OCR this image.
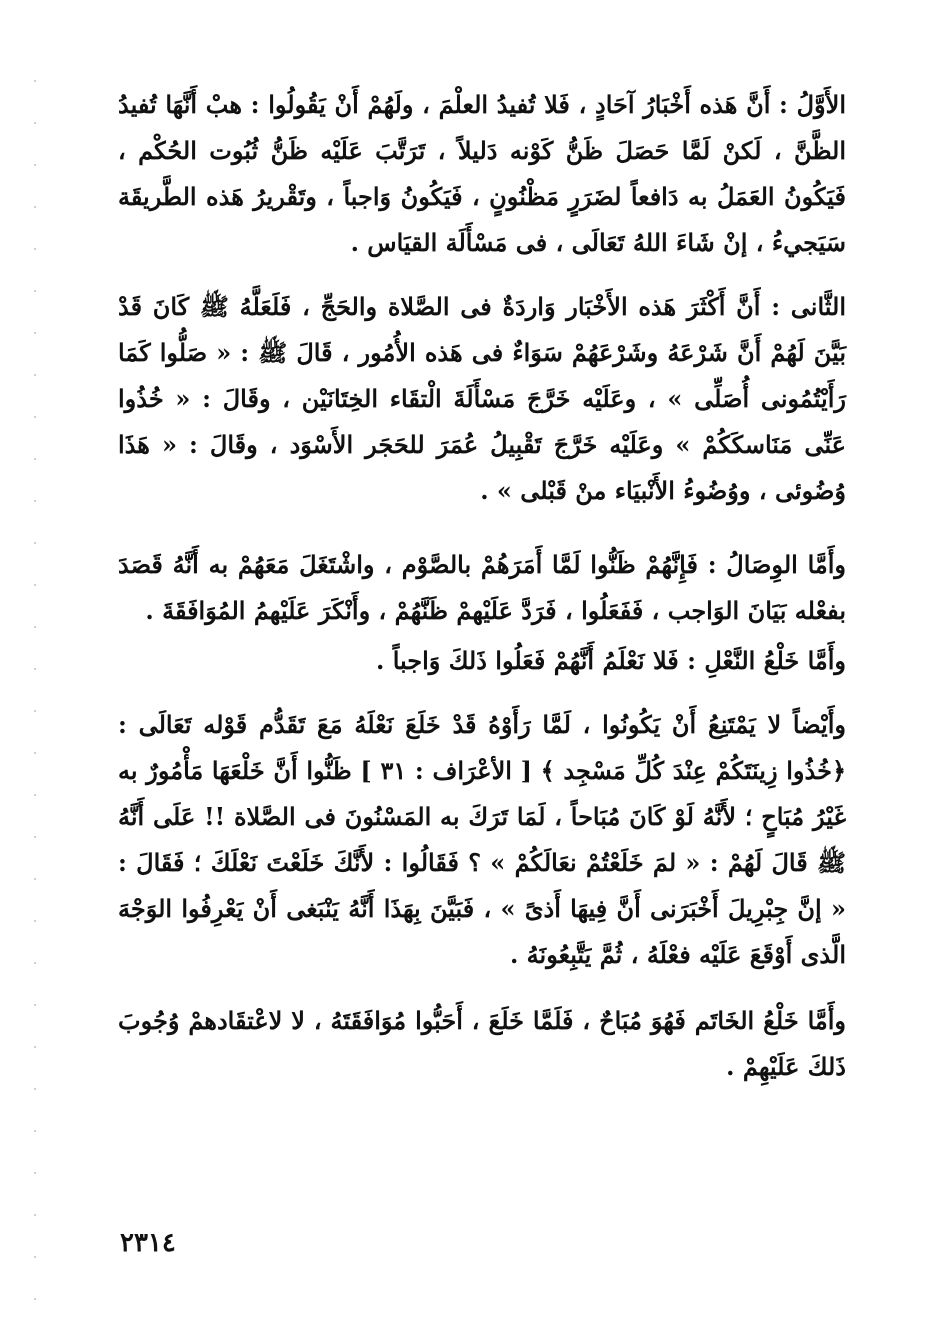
الأَوَّلُ : أَنَّ هَذه أَخْبَارُ آحَادٍ ، فَلا تُفيدُ العلْمَ ، ولَهُمْ أَنْ يَقُولُوا : هبْ أَنَّهَا تُفيدُ الظَّنَّ ، لَكنْ لَمَّا حَصَلَ ظَنُّ كَوْنه دَليلاً ، تَرَتَّبَ عَلَيْه ظَنُّ ثُبُوت الحُكْم ، فَيَكُونُ العَمَلُ به دَافعاً لضَرَرٍ مَظْنُونٍ ، فَيَكُونُ وَاجباً ، وتَقْريرُ هَذه الطَّريقَة سَيَجيءُ ، إنْ شَاءَ اللهُ تَعَالَى ، فى مَسْأَلَة القيَاس .

الثَّانى : أَنَّ أَكْثَرَ هَذه الأَخْبَار وَاردَةٌ فى الصَّلاة والحَجِّ ، فَلَعَلَّهُ ﷺ كَانَ قَدْ بَيَّنَ لَهُمْ أَنَّ شَرْعَهُ وشَرْعَهُمْ سَوَاءٌ فى هَذه الأُمُور ، قَالَ ﷺ : « صَلُّوا كَمَا رَأَيْتُمُونى أُصَلِّى » ، وعَلَيْه خَرَّجَ مَسْأَلَةَ الْتقَاء الخِتَانَيْن ، وقَالَ : « خُذُوا عَنِّى مَنَاسكَكُمْ » وعَلَيْه خَرَّجَ تَقْبِيلُ عُمَرَ للحَجَر الأَسْوَد ، وقَالَ : « هَذَا وُضُوئى ، ووُضُوءُ الأَنْبيَاء منْ قَبْلى » .

وأَمَّا الوِصَالُ : فَإِنَّهُمْ ظَنُّوا لَمَّا أَمَرَهُمْ بالصَّوْم ، واشْتَغَلَ مَعَهُمْ به أَنَّهُ قَصَدَ بفعْله بَيَانَ الوَاجب ، فَفَعَلُوا ، فَرَدَّ عَلَيْهمْ ظَنَّهُمْ ، وأَنْكَرَ عَلَيْهمُ المُوَافَقَةَ .

وأَمَّا خَلْعُ النَّعْلِ : فَلا نَعْلَمُ أَنَّهُمْ فَعَلُوا ذَلكَ وَاجباً .

وأَيْضاً لا يَمْتَنِعُ أَنْ يَكُونُوا ، لَمَّا رَأَوْهُ قَدْ خَلَعَ نَعْلَهُ مَعَ تَقَدُّم قَوْله تَعَالَى : ﴿خُذُوا زِينَتَكُمْ عِنْدَ كُلِّ مَسْجِد ﴾ [ الأعْرَاف : ٣١ ] ظَنُّوا أَنَّ خَلْعَهَا مَأْمُورٌ به غَيْرُ مُبَاحٍ ؛ لأَنَّهُ لَوْ كَانَ مُبَاحاً ، لَمَا تَرَكَ به المَسْنُونَ فى الصَّلاة !! عَلَى أَنَّهُ ﷺ قَالَ لَهُمْ : « لمَ خَلَعْتُمْ نعَالَكُمْ » ؟ فَقَالُوا : لأَنَّكَ خَلَعْتَ نَعْلَكَ ؛ فَقَالَ : « إنَّ جِبْرِيلَ أَخْبَرَنى أَنَّ فِيهَا أَذىً » ، فَبَيَّنَ بِهَذَا أَنَّهُ يَنْبَغى أَنْ يَعْرِفُوا الوَجْهَ الَّذى أَوْقَعَ عَلَيْه فعْلَهُ ، ثُمَّ يَتَّبِعُونَهُ .

وأَمَّا خَلْعُ الخَاتَم فَهُوَ مُبَاحٌ ، فَلَمَّا خَلَعَ ، أَحَبُّوا مُوَافَقَتَهُ ، لا لاعْتقَادهمْ وُجُوبَ ذَلكَ عَلَيْهِمْ .

٢٣١٤
